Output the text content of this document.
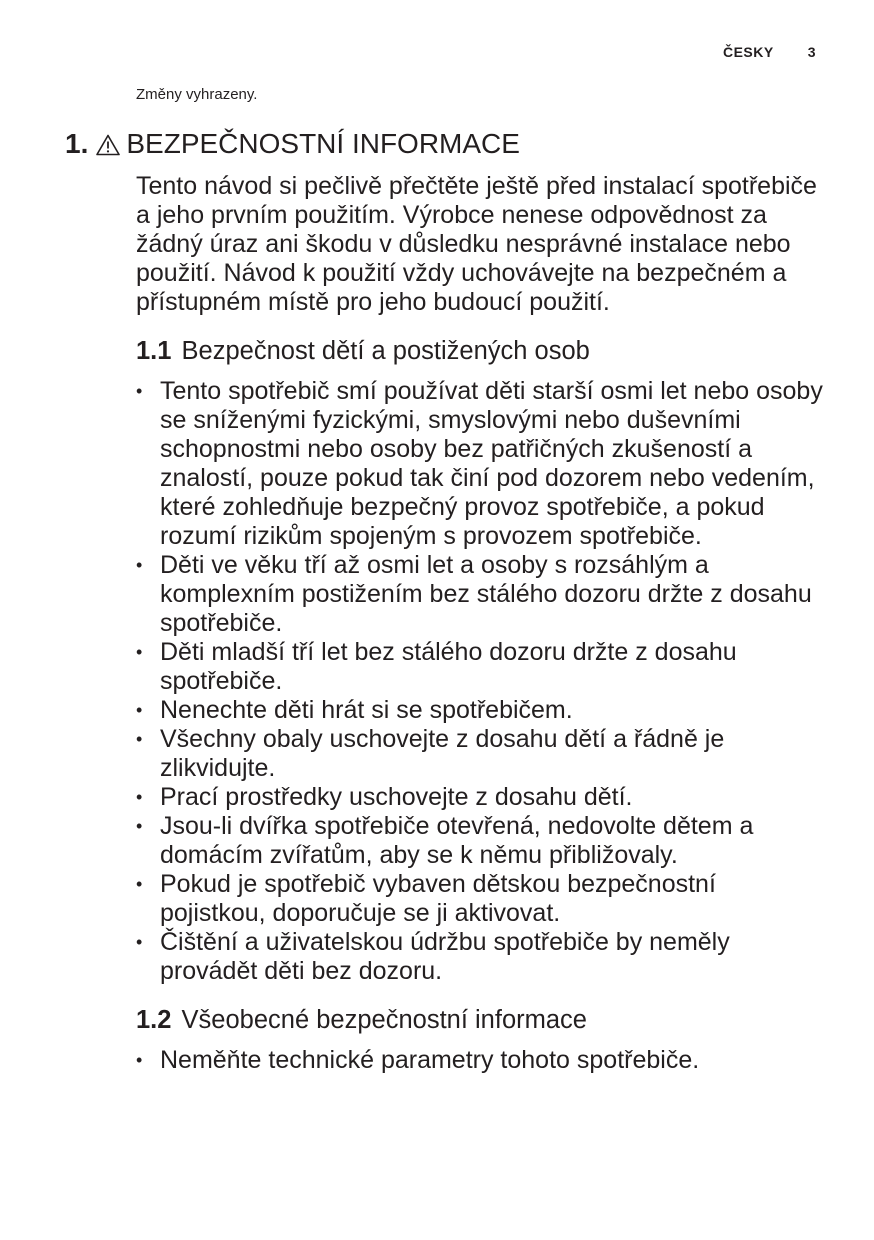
ČESKY 3
Změny vyhrazeny.
1. BEZPEČNOSTNÍ INFORMACE

Tento návod si pečlivě přečtěte ještě před instalací spotřebiče a jeho prvním použitím. Výrobce nenese odpovědnost za žádný úraz ani škodu v důsledku nesprávné instalace nebo použití. Návod k použití vždy uchovávejte na bezpečném a přístupném místě pro jeho budoucí použití.

1.1 Bezpečnost dětí a postižených osob
• Tento spotřebič smí používat děti starší osmi let nebo osoby se sníženými fyzickými, smyslovými nebo duševními schopnostmi nebo osoby bez patřičných zkušeností a znalostí, pouze pokud tak činí pod dozorem nebo vedením, které zohledňuje bezpečný provoz spotřebiče, a pokud rozumí rizikům spojeným s provozem spotřebiče.
• Děti ve věku tří až osmi let a osoby s rozsáhlým a komplexním postižením bez stálého dozoru držte z dosahu spotřebiče.
• Děti mladší tří let bez stálého dozoru držte z dosahu spotřebiče.
• Nenechte děti hrát si se spotřebičem.
• Všechny obaly uschovejte z dosahu dětí a řádně je zlikvidujte.
• Prací prostředky uschovejte z dosahu dětí.
• Jsou-li dvířka spotřebiče otevřená, nedovolte dětem a domácím zvířatům, aby se k němu přibližovaly.
• Pokud je spotřebič vybaven dětskou bezpečnostní pojistkou, doporučuje se ji aktivovat.
• Čištění a uživatelskou údržbu spotřebiče by neměly provádět děti bez dozoru.
1.2 Všeobecné bezpečnostní informace
• Neměňte technické parametry tohoto spotřebiče.
